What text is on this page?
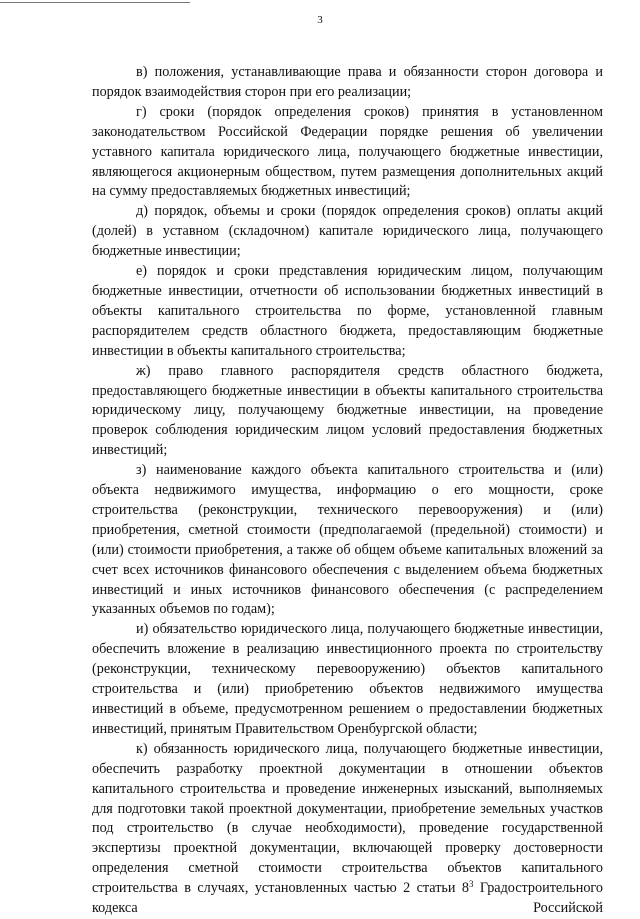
3

в) положения, устанавливающие права и обязанности сторон договора и порядок взаимодействия сторон при его реализации;

г) сроки (порядок определения сроков) принятия в установленном законодательством Российской Федерации порядке решения об увеличении уставного капитала юридического лица, получающего бюджетные инвестиции, являющегося акционерным обществом, путем размещения дополнительных акций на сумму предоставляемых бюджетных инвестиций;

д) порядок, объемы и сроки (порядок определения сроков) оплаты акций (долей) в уставном (складочном) капитале юридического лица, получающего бюджетные инвестиции;

е) порядок и сроки представления юридическим лицом, получающим бюджетные инвестиции, отчетности об использовании бюджетных инвестиций в объекты капитального строительства по форме, установленной главным распорядителем средств областного бюджета, предоставляющим бюджетные инвестиции в объекты капитального строительства;

ж) право главного распорядителя средств областного бюджета, предоставляющего бюджетные инвестиции в объекты капитального строительства юридическому лицу, получающему бюджетные инвестиции, на проведение проверок соблюдения юридическим лицом условий предоставления бюджетных инвестиций;

з) наименование каждого объекта капитального строительства и (или) объекта недвижимого имущества, информацию о его мощности, сроке строительства (реконструкции, технического перевооружения) и (или) приобретения, сметной стоимости (предполагаемой (предельной) стоимости) и (или) стоимости приобретения, а также об общем объеме капитальных вложений за счет всех источников финансового обеспечения с выделением объема бюджетных инвестиций и иных источников финансового обеспечения (с распределением указанных объемов по годам);

и) обязательство юридического лица, получающего бюджетные инвестиции, обеспечить вложение в реализацию инвестиционного проекта по строительству (реконструкции, техническому перевооружению) объектов капитального строительства и (или) приобретению объектов недвижимого имущества инвестиций в объеме, предусмотренном решением о предоставлении бюджетных инвестиций, принятым Правительством Оренбургской области;

к) обязанность юридического лица, получающего бюджетные инвестиции, обеспечить разработку проектной документации в отношении объектов капитального строительства и проведение инженерных изысканий, выполняемых для подготовки такой проектной документации, приобретение земельных участков под строительство (в случае необходимости), проведение государственной экспертизы проектной документации, включающей проверку достоверности определения сметной стоимости строительства объектов капитального строительства в случаях, установленных частью 2 статьи $8^3$ Градостроительного кодекса Российской
